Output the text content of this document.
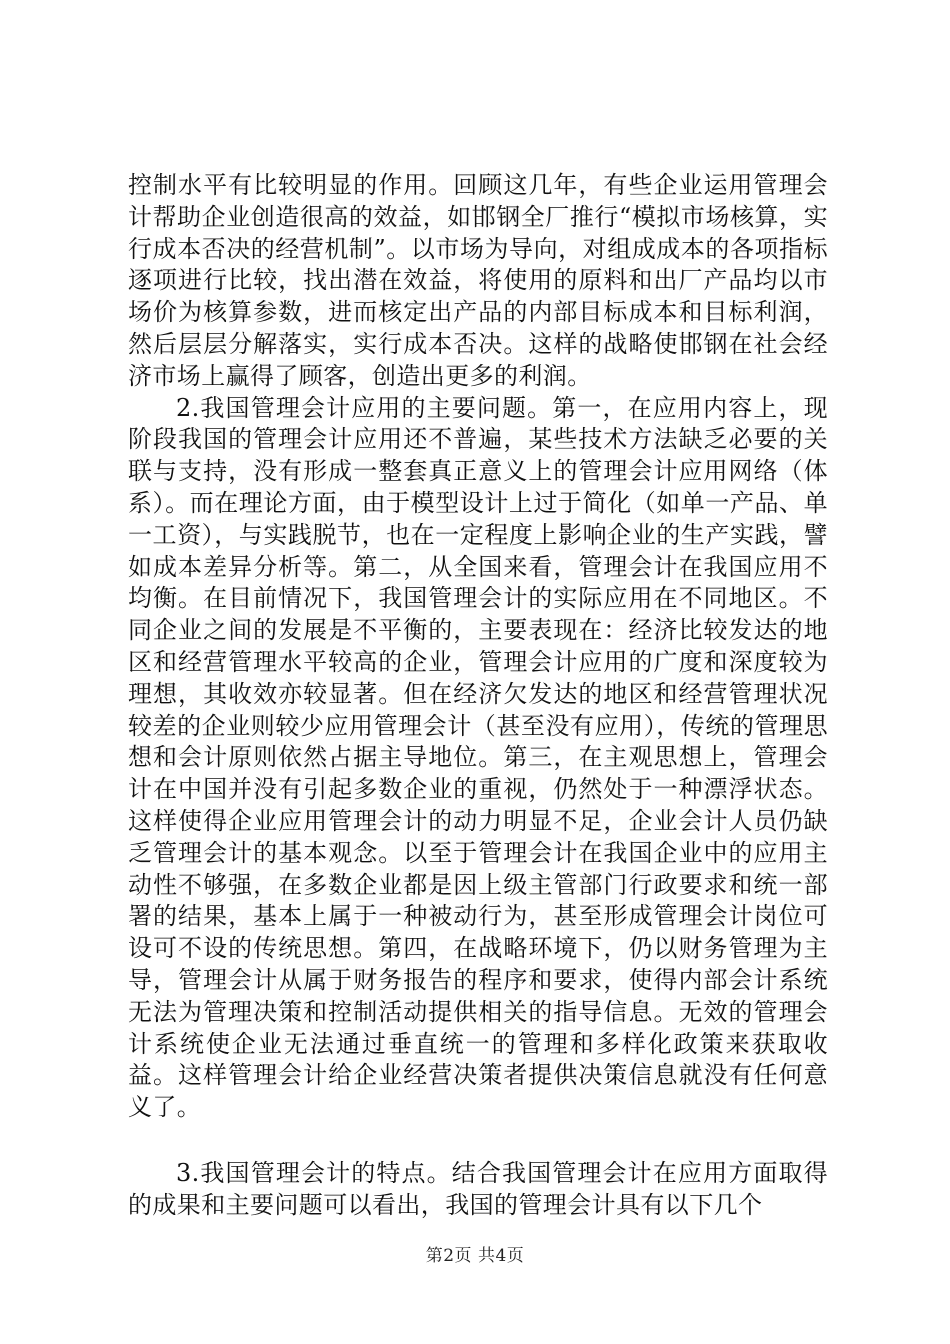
控制水平有比较明显的作用。回顾这几年，有些企业运用管理会计帮助企业创造很高的效益，如邯钢全厂推行“模拟市场核算，实行成本否决的经营机制”。以市场为导向，对组成成本的各项指标逐项进行比较，找出潜在效益，将使用的原料和出厂产品均以市场价为核算参数，进而核定出产品的内部目标成本和目标利润，然后层层分解落实，实行成本否决。这样的战略使邯钢在社会经济市场上赢得了顾客，创造出更多的利润。

2.我国管理会计应用的主要问题。第一，在应用内容上，现阶段我国的管理会计应用还不普遍，某些技术方法缺乏必要的关联与支持，没有形成一整套真正意义上的管理会计应用网络（体系）。而在理论方面，由于模型设计上过于简化（如单一产品、单一工资），与实践脱节，也在一定程度上影响企业的生产实践，譬如成本差异分析等。第二，从全国来看，管理会计在我国应用不均衡。在目前情况下，我国管理会计的实际应用在不同地区。不同企业之间的发展是不平衡的，主要表现在：经济比较发达的地区和经营管理水平较高的企业，管理会计应用的广度和深度较为理想，其收效亦较显著。但在经济欠发达的地区和经营管理状况较差的企业则较少应用管理会计（甚至没有应用），传统的管理思想和会计原则依然占据主导地位。第三，在主观思想上，管理会计在中国并没有引起多数企业的重视，仍然处于一种漂浮状态。这样使得企业应用管理会计的动力明显不足，企业会计人员仍缺乏管理会计的基本观念。以至于管理会计在我国企业中的应用主动性不够强，在多数企业都是因上级主管部门行政要求和统一部署的结果，基本上属于一种被动行为，甚至形成管理会计岗位可设可不设的传统思想。第四，在战略环境下，仍以财务管理为主导，管理会计从属于财务报告的程序和要求，使得内部会计系统无法为管理决策和控制活动提供相关的指导信息。无效的管理会计系统使企业无法通过垂直统一的管理和多样化政策来获取收益。这样管理会计给企业经营决策者提供决策信息就没有任何意义了。

3.我国管理会计的特点。结合我国管理会计在应用方面取得的成果和主要问题可以看出，我国的管理会计具有以下几个

第2页 共4页
